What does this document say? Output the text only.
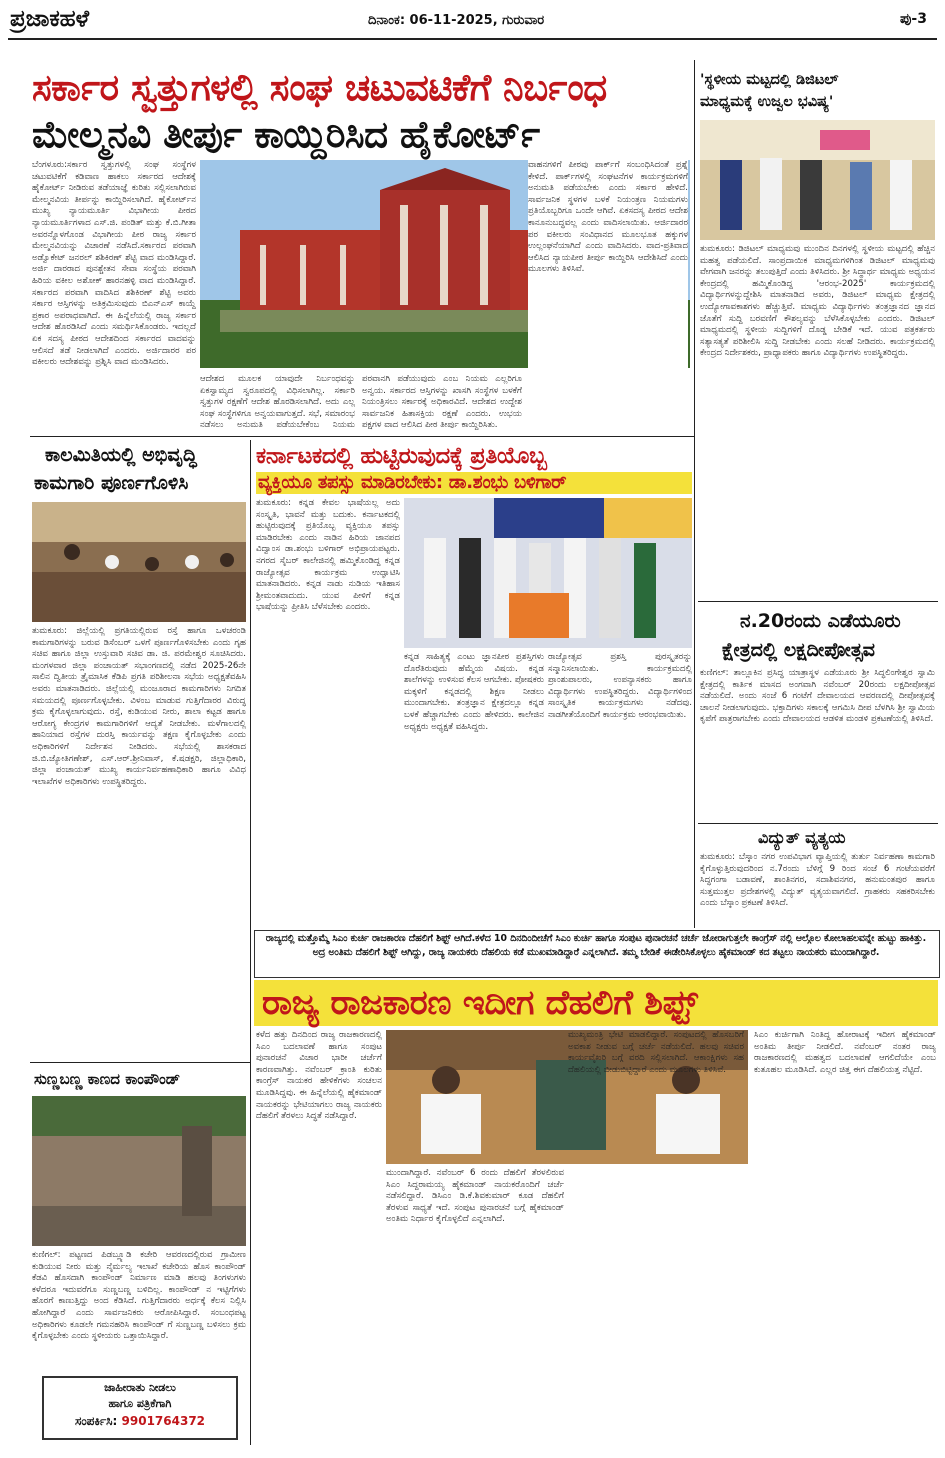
ಪ್ರಜಾಕಹಳೆ	ದಿನಾಂಕ: 06-11-2025, ಗುರುವಾರ	ಪು-3
ಸರ್ಕಾರ ಸ್ವತ್ತುಗಳಲ್ಲಿ ಸಂಘ ಚಟುವಟಿಕೆಗೆ ನಿರ್ಬಂಧ
ಮೇಲ್ಮನವಿ ತೀರ್ಪು ಕಾಯ್ದಿರಿಸಿದ ಹೈಕೋರ್ಟ್
ಬೆಂಗಳೂರು:ಸರ್ಕಾರ ಸ್ವತ್ತುಗಳಲ್ಲಿ ಸಂಘ ಸಂಸ್ಥೆಗಳ ಚಟುವಟಿಕೆಗೆ ಕಡಿವಾಣ ಹಾಕಲು ಸರ್ಕಾರದ ಆದೇಶಕ್ಕೆ ಹೈಕೋರ್ಟ್ ನೀಡಿರುವ ತಡೆಯಾಜ್ಞೆ ಕುರಿತು ಸಲ್ಲಿಸಲಾಗಿರುವ ಮೇಲ್ಮನವಿಯ ತೀರ್ಪನ್ನು ಕಾಯ್ದಿರಿಸಲಾಗಿದೆ. ಹೈಕೋರ್ಟ್‌ನ ಮುಖ್ಯ ನ್ಯಾಯಮೂರ್ತಿ ವಿಭಾಗೀಯ ಪೀಠದ ನ್ಯಾಯಮೂರ್ತಿಗಳಾದ ಎಸ್.ಜಿ. ಪಂಡಿತ್ ಮತ್ತು ಕೆ.ಬಿ.ಗೀತಾ ಅವರನ್ನೊಳಗೊಂಡ ವಿಭಾಗೀಯ ಪೀಠ ರಾಜ್ಯ ಸರ್ಕಾರ ಮೇಲ್ಮನವಿಯನ್ನು ವಿಚಾರಣೆ ನಡೆಸಿದೆ.ಸರ್ಕಾರದ ಪರವಾಗಿ ಅಡ್ವೊಕೇಟ್ ಜನರಲ್ ಶಶಿಕಿರಣ್ ಶೆಟ್ಟಿ ವಾದ ಮಂಡಿಸಿದ್ದಾರೆ. ಅರ್ಜಿ ದಾರರಾದ ಪುನಶ್ಚೇತನ ಸೇವಾ ಸಂಸ್ಥೆಯ ಪರವಾಗಿ ಹಿರಿಯ ವಕೀಲ ಅಶೋಕ್ ಹಾರನಹಳ್ಳಿ ವಾದ ಮಂಡಿಸಿದ್ದಾರೆ. ಸರ್ಕಾರದ ಪರವಾಗಿ ವಾದಿಸಿದ ಶಶಿಕಿರಣ್ ಶೆಟ್ಟಿ ಅವರು ಸರ್ಕಾರ ಆಸ್ತಿಗಳನ್ನು ಅತಿಕ್ರಮಿಸುವುದು ಬಿಎನ್‌ಎಸ್ ಕಾಯ್ದೆ ಪ್ರಕಾರ ಅಪರಾಧವಾಗಿದೆ. ಈ ಹಿನ್ನೆಲೆಯಲ್ಲಿ ರಾಜ್ಯ ಸರ್ಕಾರ ಆದೇಶ ಹೊರಡಿಸಿದೆ ಎಂದು ಸಮರ್ಥಿಸಿಕೊಂಡರು. ಇದಲ್ಲದೆ ಏಕ ಸದಸ್ಯ ಪೀಠದ ಆದೇಶದಿಂದ ಸರ್ಕಾರದ ವಾದವನ್ನು ಆಲಿಸದೆ ತಡೆ ನೀಡಲಾಗಿದೆ ಎಂದರು. ಅರ್ಜಿದಾರರ ಪರ ವಕೀಲರು ಆದೇಶವನ್ನು ಪ್ರಶ್ನಿಸಿ ವಾದ ಮಂಡಿಸಿದರು.
ಆದೇಶದ ಮೂಲಕ ಯಾವುದೇ ನಿರ್ಬಂಧವನ್ನು ಏಕಸ್ವಾಮ್ಯದ ಸ್ವರೂಪದಲ್ಲಿ ವಿಧಿಸಲಾಗಿಲ್ಲ. ಸರ್ಕಾರಿ ಸ್ವತ್ತುಗಳ ರಕ್ಷಣೆಗೆ ಆದೇಶ ಹೊರಡಿಸಲಾಗಿದೆ. ಅದು ಎಲ್ಲ ಸಂಘ ಸಂಸ್ಥೆಗಳಿಗೂ ಅನ್ವಯವಾಗುತ್ತದೆ. ಸಭೆ, ಸಮಾರಂಭ ನಡೆಸಲು ಅನುಮತಿ ಪಡೆಯಬೇಕೆಂಬ ನಿಯಮ
ಪರವಾನಗಿ ಪಡೆಯುವುದು ಎಂಬ ನಿಯಮ ಎಲ್ಲರಿಗೂ ಅನ್ವಯ. ಸರ್ಕಾರದ ಆಸ್ತಿಗಳನ್ನು ಖಾಸಗಿ ಸಂಸ್ಥೆಗಳ ಬಳಕೆಗೆ ನಿಯಂತ್ರಿಸಲು ಸರ್ಕಾರಕ್ಕೆ ಅಧಿಕಾರವಿದೆ. ಆದೇಶದ ಉದ್ದೇಶ ಸಾರ್ವಜನಿಕ ಹಿತಾಸಕ್ತಿಯ ರಕ್ಷಣೆ ಎಂದರು. ಉಭಯ ಪಕ್ಷಗಳ ವಾದ ಆಲಿಸಿದ ಪೀಠ ತೀರ್ಪು ಕಾಯ್ದಿರಿಸಿತು.
ವಾಹನಗಳಿಗೆ ಪೀಠವು ಪಾರ್ಕ್‌ಗೆ ಸಂಬಂಧಿಸಿದಂತೆ ಪ್ರಶ್ನೆ ಕೇಳಿದೆ. ಪಾರ್ಕ್‌ಗಳಲ್ಲಿ ಸಂಘಟನೆಗಳ ಕಾರ್ಯಕ್ರಮಗಳಿಗೆ ಅನುಮತಿ ಪಡೆಯಬೇಕು ಎಂದು ಸರ್ಕಾರ ಹೇಳಿದೆ. ಸಾರ್ವಜನಿಕ ಸ್ಥಳಗಳ ಬಳಕೆ ನಿಯಂತ್ರಣ ನಿಯಮಗಳು ಪ್ರತಿಯೊಬ್ಬರಿಗೂ ಒಂದೇ ಆಗಿವೆ. ಏಕಸದಸ್ಯ ಪೀಠದ ಆದೇಶ ಕಾನೂನುಬದ್ಧವಲ್ಲ ಎಂದು ವಾದಿಸಲಾಯಿತು. ಆರ್ಜಿದಾರರ ಪರ ವಕೀಲರು ಸಂವಿಧಾನದ ಮೂಲಭೂತ ಹಕ್ಕುಗಳ ಉಲ್ಲಂಘನೆಯಾಗಿದೆ ಎಂದು ವಾದಿಸಿದರು. ವಾದ-ಪ್ರತಿವಾದ ಆಲಿಸಿದ ನ್ಯಾಯಪೀಠ ತೀರ್ಪು ಕಾಯ್ದಿರಿಸಿ ಆದೇಶಿಸಿದೆ ಎಂದು ಮೂಲಗಳು ತಿಳಿಸಿವೆ.
'ಸ್ಥಳೀಯ ಮಟ್ಟದಲ್ಲಿ ಡಿಜಿಟಲ್
ಮಾಧ್ಯಮಕ್ಕೆ ಉಜ್ವಲ ಭವಿಷ್ಯ'
ತುಮಕೂರು: ಡಿಜಿಟಲ್ ಮಾಧ್ಯಮವು ಮುಂದಿನ ದಿನಗಳಲ್ಲಿ ಸ್ಥಳೀಯ ಮಟ್ಟದಲ್ಲಿ ಹೆಚ್ಚಿನ ಮಹತ್ವ ಪಡೆಯಲಿದೆ. ಸಾಂಪ್ರದಾಯಿಕ ಮಾಧ್ಯಮಗಳಿಗಿಂತ ಡಿಜಿಟಲ್ ಮಾಧ್ಯಮವು ವೇಗವಾಗಿ ಜನರನ್ನು ತಲುಪುತ್ತಿದೆ ಎಂದು ತಿಳಿಸಿದರು. ಶ್ರೀ ಸಿದ್ಧಾರ್ಥ ಮಾಧ್ಯಮ ಅಧ್ಯಯನ ಕೇಂದ್ರದಲ್ಲಿ ಹಮ್ಮಿಕೊಂಡಿದ್ದ 'ಆರಂಭ-2025' ಕಾರ್ಯಕ್ರಮದಲ್ಲಿ ವಿದ್ಯಾರ್ಥಿಗಳನ್ನುದ್ದೇಶಿಸಿ ಮಾತನಾಡಿದ ಅವರು, ಡಿಜಿಟಲ್ ಮಾಧ್ಯಮ ಕ್ಷೇತ್ರದಲ್ಲಿ ಉದ್ಯೋಗಾವಕಾಶಗಳು ಹೆಚ್ಚುತ್ತಿವೆ. ಮಾಧ್ಯಮ ವಿದ್ಯಾರ್ಥಿಗಳು ತಂತ್ರಜ್ಞಾನದ ಜ್ಞಾನದ ಜೊತೆಗೆ ಸುದ್ದಿ ಬರವಣಿಗೆ ಕೌಶಲ್ಯವನ್ನು ಬೆಳೆಸಿಕೊಳ್ಳಬೇಕು ಎಂದರು. ಡಿಜಿಟಲ್ ಮಾಧ್ಯಮದಲ್ಲಿ ಸ್ಥಳೀಯ ಸುದ್ದಿಗಳಿಗೆ ದೊಡ್ಡ ಬೇಡಿಕೆ ಇದೆ. ಯುವ ಪತ್ರಕರ್ತರು ಸತ್ಯಾಸತ್ಯತೆ ಪರಿಶೀಲಿಸಿ ಸುದ್ದಿ ನೀಡಬೇಕು ಎಂದು ಸಲಹೆ ನೀಡಿದರು. ಕಾರ್ಯಕ್ರಮದಲ್ಲಿ ಕೇಂದ್ರದ ನಿರ್ದೇಶಕರು, ಪ್ರಾಧ್ಯಾಪಕರು ಹಾಗೂ ವಿದ್ಯಾರ್ಥಿಗಳು ಉಪಸ್ಥಿತರಿದ್ದರು.
ನ.20ರಂದು ಎಡೆಯೂರು
ಕ್ಷೇತ್ರದಲ್ಲಿ ಲಕ್ಷದೀಪೋತ್ಸವ
ಕುಣಿಗಲ್: ತಾಲ್ಲೂಕಿನ ಪ್ರಸಿದ್ಧ ಯಾತ್ರಾಸ್ಥಳ ಎಡೆಯೂರು ಶ್ರೀ ಸಿದ್ಧಲಿಂಗೇಶ್ವರ ಸ್ವಾಮಿ ಕ್ಷೇತ್ರದಲ್ಲಿ ಕಾರ್ತಿಕ ಮಾಸದ ಅಂಗವಾಗಿ ನವೆಂಬರ್ 20ರಂದು ಲಕ್ಷದೀಪೋತ್ಸವ ನಡೆಯಲಿದೆ. ಅಂದು ಸಂಜೆ 6 ಗಂಟೆಗೆ ದೇವಾಲಯದ ಆವರಣದಲ್ಲಿ ದೀಪೋತ್ಸವಕ್ಕೆ ಚಾಲನೆ ನೀಡಲಾಗುವುದು. ಭಕ್ತಾದಿಗಳು ಸಕಾಲಕ್ಕೆ ಆಗಮಿಸಿ ದೀಪ ಬೆಳಗಿಸಿ ಶ್ರೀ ಸ್ವಾಮಿಯ ಕೃಪೆಗೆ ಪಾತ್ರರಾಗಬೇಕು ಎಂದು ದೇವಾಲಯದ ಆಡಳಿತ ಮಂಡಳಿ ಪ್ರಕಟಣೆಯಲ್ಲಿ ತಿಳಿಸಿದೆ.
ವಿದ್ಯುತ್ ವ್ಯತ್ಯಯ
ತುಮಕೂರು: ಬೆಸ್ಕಾಂ ನಗರ ಉಪವಿಭಾಗ ವ್ಯಾಪ್ತಿಯಲ್ಲಿ ತುರ್ತು ನಿರ್ವಹಣಾ ಕಾಮಗಾರಿ ಕೈಗೊಳ್ಳುತ್ತಿರುವುದರಿಂದ ನ.7ರಂದು ಬೆಳಿಗ್ಗೆ 9 ರಿಂದ ಸಂಜೆ 6 ಗಂಟೆಯವರೆಗೆ ಸಿದ್ಧಗಂಗಾ ಬಡಾವಣೆ, ಶಾಂತಿನಗರ, ಸದಾಶಿವನಗರ, ಹನುಮಂತಪುರ ಹಾಗೂ ಸುತ್ತಮುತ್ತಲ ಪ್ರದೇಶಗಳಲ್ಲಿ ವಿದ್ಯುತ್ ವ್ಯತ್ಯಯವಾಗಲಿದೆ. ಗ್ರಾಹಕರು ಸಹಕರಿಸಬೇಕು ಎಂದು ಬೆಸ್ಕಾಂ ಪ್ರಕಟಣೆ ತಿಳಿಸಿದೆ.
ಕಾಲಮಿತಿಯಲ್ಲಿ ಅಭಿವೃದ್ಧಿ
ಕಾಮಗಾರಿ ಪೂರ್ಣಗೊಳಿಸಿ
ತುಮಕೂರು: ಜಿಲ್ಲೆಯಲ್ಲಿ ಪ್ರಗತಿಯಲ್ಲಿರುವ ರಸ್ತೆ ಹಾಗೂ ಒಳಚರಂಡಿ ಕಾಮಗಾರಿಗಳನ್ನು ಬರುವ ಡಿಸೆಂಬರ್ ಒಳಗೆ ಪೂರ್ಣಗೊಳಿಸಬೇಕು ಎಂದು ಗೃಹ ಸಚಿವ ಹಾಗೂ ಜಿಲ್ಲಾ ಉಸ್ತುವಾರಿ ಸಚಿವ ಡಾ. ಜಿ. ಪರಮೇಶ್ವರ ಸೂಚಿಸಿದರು. ಮಂಗಳವಾರ ಜಿಲ್ಲಾ ಪಂಚಾಯತ್ ಸಭಾಂಗಣದಲ್ಲಿ ನಡೆದ 2025-26ನೇ ಸಾಲಿನ ದ್ವಿತೀಯ ತ್ರೈಮಾಸಿಕ ಕೆಡಿಪಿ ಪ್ರಗತಿ ಪರಿಶೀಲನಾ ಸಭೆಯ ಅಧ್ಯಕ್ಷತೆವಹಿಸಿ ಅವರು ಮಾತನಾಡಿದರು. ಜಿಲ್ಲೆಯಲ್ಲಿ ಮಂಜೂರಾದ ಕಾಮಗಾರಿಗಳು ನಿಗದಿತ ಸಮಯದಲ್ಲಿ ಪೂರ್ಣಗೊಳ್ಳಬೇಕು. ವಿಳಂಬ ಮಾಡುವ ಗುತ್ತಿಗೆದಾರರ ವಿರುದ್ಧ ಕ್ರಮ ಕೈಗೊಳ್ಳಲಾಗುವುದು. ರಸ್ತೆ, ಕುಡಿಯುವ ನೀರು, ಶಾಲಾ ಕಟ್ಟಡ ಹಾಗೂ ಆರೋಗ್ಯ ಕೇಂದ್ರಗಳ ಕಾಮಗಾರಿಗಳಿಗೆ ಆದ್ಯತೆ ನೀಡಬೇಕು. ಮಳೆಗಾಲದಲ್ಲಿ ಹಾನಿಯಾದ ರಸ್ತೆಗಳ ದುರಸ್ತಿ ಕಾರ್ಯವನ್ನು ತಕ್ಷಣ ಕೈಗೊಳ್ಳಬೇಕು ಎಂದು ಅಧಿಕಾರಿಗಳಿಗೆ ನಿರ್ದೇಶನ ನೀಡಿದರು. ಸಭೆಯಲ್ಲಿ ಶಾಸಕರಾದ ಜಿ.ಬಿ.ಜ್ಯೋತಿಗಣೇಶ್, ಎಸ್.ಆರ್.ಶ್ರೀನಿವಾಸ್, ಕೆ.ಷಡಕ್ಷರಿ, ಜಿಲ್ಲಾಧಿಕಾರಿ, ಜಿಲ್ಲಾ ಪಂಚಾಯತ್ ಮುಖ್ಯ ಕಾರ್ಯನಿರ್ವಹಣಾಧಿಕಾರಿ ಹಾಗೂ ವಿವಿಧ ಇಲಾಖೆಗಳ ಅಧಿಕಾರಿಗಳು ಉಪಸ್ಥಿತರಿದ್ದರು.
ಕರ್ನಾಟಕದಲ್ಲಿ ಹುಟ್ಟಿರುವುದಕ್ಕೆ ಪ್ರತಿಯೊಬ್ಬ
ವ್ಯಕ್ತಿಯೂ ತಪಸ್ಸು ಮಾಡಿರಬೇಕು: ಡಾ.ಶಂಭು ಬಳಿಗಾರ್
ತುಮಕೂರು: ಕನ್ನಡ ಕೇವಲ ಭಾಷೆಯಲ್ಲ ಅದು ಸಂಸ್ಕೃತಿ, ಭಾವನೆ ಮತ್ತು ಬದುಕು. ಕರ್ನಾಟಕದಲ್ಲಿ ಹುಟ್ಟಿರುವುದಕ್ಕೆ ಪ್ರತಿಯೊಬ್ಬ ವ್ಯಕ್ತಿಯೂ ತಪಸ್ಸು ಮಾಡಿರಬೇಕು ಎಂದು ನಾಡಿನ ಹಿರಿಯ ಜಾನಪದ ವಿದ್ವಾಂಸ ಡಾ.ಶಂಭು ಬಳಿಗಾರ್ ಅಭಿಪ್ರಾಯಪಟ್ಟರು. ನಗರದ ಸೈಬರ್ ಕಾಲೇಜಿನಲ್ಲಿ ಹಮ್ಮಿಕೊಂಡಿದ್ದ ಕನ್ನಡ ರಾಜ್ಯೋತ್ಸವ ಕಾರ್ಯಕ್ರಮ ಉದ್ಘಾಟಿಸಿ ಮಾತನಾಡಿದರು. ಕನ್ನಡ ನಾಡು ನುಡಿಯ ಇತಿಹಾಸ ಶ್ರೀಮಂತವಾದುದು. ಯುವ ಪೀಳಿಗೆ ಕನ್ನಡ ಭಾಷೆಯನ್ನು ಪ್ರೀತಿಸಿ ಬೆಳೆಸಬೇಕು ಎಂದರು.
ಕನ್ನಡ ಸಾಹಿತ್ಯಕ್ಕೆ ಎಂಟು ಜ್ಞಾನಪೀಠ ಪ್ರಶಸ್ತಿಗಳು ದೊರೆತಿರುವುದು ಹೆಮ್ಮೆಯ ವಿಷಯ. ಕನ್ನಡ ಶಾಲೆಗಳನ್ನು ಉಳಿಸುವ ಕೆಲಸ ಆಗಬೇಕು. ಪೋಷಕರು ಮಕ್ಕಳಿಗೆ ಕನ್ನಡದಲ್ಲಿ ಶಿಕ್ಷಣ ನೀಡಲು ಮುಂದಾಗಬೇಕು. ತಂತ್ರಜ್ಞಾನ ಕ್ಷೇತ್ರದಲ್ಲೂ ಕನ್ನಡ ಬಳಕೆ ಹೆಚ್ಚಾಗಬೇಕು ಎಂದು ಹೇಳಿದರು. ಕಾಲೇಜಿನ ಅಧ್ಯಕ್ಷರು ಅಧ್ಯಕ್ಷತೆ ವಹಿಸಿದ್ದರು.
ರಾಜ್ಯೋತ್ಸವ ಪ್ರಶಸ್ತಿ ಪುರಸ್ಕೃತರನ್ನು ಸನ್ಮಾನಿಸಲಾಯಿತು. ಕಾರ್ಯಕ್ರಮದಲ್ಲಿ ಪ್ರಾಂಶುಪಾಲರು, ಉಪನ್ಯಾಸಕರು ಹಾಗೂ ವಿದ್ಯಾರ್ಥಿಗಳು ಉಪಸ್ಥಿತರಿದ್ದರು. ವಿದ್ಯಾರ್ಥಿಗಳಿಂದ ಸಾಂಸ್ಕೃತಿಕ ಕಾರ್ಯಕ್ರಮಗಳು ನಡೆದವು. ನಾಡಗೀತೆಯೊಂದಿಗೆ ಕಾರ್ಯಕ್ರಮ ಆರಂಭವಾಯಿತು.
ಸುಣ್ಣಬಣ್ಣ ಕಾಣದ ಕಾಂಪೌಂಡ್
ಕುಣಿಗಲ್: ಪಟ್ಟಣದ ಪಿಡಬ್ಲ್ಯೂಡಿ ಕಚೇರಿ ಆವರಣದಲ್ಲಿರುವ ಗ್ರಾಮೀಣ ಕುಡಿಯುವ ನೀರು ಮತ್ತು ನೈರ್ಮಲ್ಯ ಇಲಾಖೆ ಕಚೇರಿಯ ಹೊಸ ಕಾಂಪೌಂಡ್ ಕೆಡವಿ ಹೊಸದಾಗಿ ಕಾಂಪೌಂಡ್ ನಿರ್ಮಾಣ ಮಾಡಿ ಹಲವು ತಿಂಗಳುಗಳು ಕಳೆದರೂ ಇದುವರೆಗೂ ಸುಣ್ಣಬಣ್ಣ ಬಳಿದಿಲ್ಲ. ಕಾಂಪೌಂಡ್ ನ ಇಟ್ಟಿಗೆಗಳು ಹೊರಗೆ ಕಾಣುತ್ತಿದ್ದು ಅಂದ ಕೆಡಿಸಿದೆ. ಗುತ್ತಿಗೆದಾರರು ಅರ್ಧಕ್ಕೆ ಕೆಲಸ ನಿಲ್ಲಿಸಿ ಹೋಗಿದ್ದಾರೆ ಎಂದು ಸಾರ್ವಜನಿಕರು ಆರೋಪಿಸಿದ್ದಾರೆ. ಸಂಬಂಧಪಟ್ಟ ಅಧಿಕಾರಿಗಳು ಕೂಡಲೇ ಗಮನಹರಿಸಿ ಕಾಂಪೌಂಡ್ ಗೆ ಸುಣ್ಣಬಣ್ಣ ಬಳಿಸಲು ಕ್ರಮ ಕೈಗೊಳ್ಳಬೇಕು ಎಂದು ಸ್ಥಳೀಯರು ಒತ್ತಾಯಿಸಿದ್ದಾರೆ.
ಜಾಹೀರಾತು ನೀಡಲು
ಹಾಗೂ ಪತ್ರಿಕೆಗಾಗಿ
ಸಂಪರ್ಕಿಸಿ: 9901764372
ರಾಜ್ಯದಲ್ಲಿ ಮತ್ತೊಮ್ಮೆ ಸಿಎಂ ಕುರ್ಚಿ ರಾಜಕಾರಣ ದೆಹಲಿಗೆ ಶಿಫ್ಟ್ ಆಗಿದೆ.ಕಳೆದ 10 ದಿನದಿಂದೀಚೆಗೆ ಸಿಎಂ ಕುರ್ಚಿ ಹಾಗೂ ಸಂಪುಟ ಪುನಾರಚನೆ ಚರ್ಚೆ ಜೋರಾಗುತ್ತಲೇ ಕಾಂಗ್ರೆಸ್ ನಲ್ಲಿ ಆಲ್ಗೊಲ ಕೋಲಾಹಲವನ್ನೇ ಹುಟ್ಟು ಹಾಕಿತ್ತು. ಅದ್ರ ಅಂತಿಮ ದೆಹಲಿಗೆ ಶಿಫ್ಟ್ ಆಗಿದ್ದು, ರಾಜ್ಯ ನಾಯಕರು ದೆಹಲಿಯ ಕಡೆ ಮುಖಮಾಡಿದ್ದಾರೆ ಎನ್ನಲಾಗಿದೆ. ತಮ್ಮ ಬೇಡಿಕೆ ಈಡೇರಿಸಿಕೊಳ್ಳಲು ಹೈಕಮಾಂಡ್ ಕದ ತಟ್ಟಲು ನಾಯಕರು ಮುಂದಾಗಿದ್ದಾರೆ.
ರಾಜ್ಯ ರಾಜಕಾರಣ ಇದೀಗ ದೆಹಲಿಗೆ ಶಿಫ್ಟ್
ಕಳೆದ ಹತ್ತು ದಿನದಿಂದ ರಾಜ್ಯ ರಾಜಕಾರಣದಲ್ಲಿ ಸಿಎಂ ಬದಲಾವಣೆ ಹಾಗೂ ಸಂಪುಟ ಪುನಾರಚನೆ ವಿಚಾರ ಭಾರೀ ಚರ್ಚೆಗೆ ಕಾರಣವಾಗಿತ್ತು. ನವೆಂಬರ್ ಕ್ರಾಂತಿ ಕುರಿತು ಕಾಂಗ್ರೆಸ್ ನಾಯಕರ ಹೇಳಿಕೆಗಳು ಸಂಚಲನ ಮೂಡಿಸಿದ್ದವು. ಈ ಹಿನ್ನೆಲೆಯಲ್ಲಿ ಹೈಕಮಾಂಡ್ ನಾಯಕರನ್ನು ಭೇಟಿಯಾಗಲು ರಾಜ್ಯ ನಾಯಕರು ದೆಹಲಿಗೆ ತೆರಳಲು ಸಿದ್ಧತೆ ನಡೆಸಿದ್ದಾರೆ.
ಮುಂದಾಗಿದ್ದಾರೆ. ನವೆಂಬರ್ 6 ರಂದು ದೆಹಲಿಗೆ ತೆರಳಲಿರುವ ಸಿಎಂ ಸಿದ್ದರಾಮಯ್ಯ ಹೈಕಮಾಂಡ್ ನಾಯಕರೊಂದಿಗೆ ಚರ್ಚೆ ನಡೆಸಲಿದ್ದಾರೆ. ಡಿಸಿಎಂ ಡಿ.ಕೆ.ಶಿವಕುಮಾರ್ ಕೂಡ ದೆಹಲಿಗೆ ತೆರಳುವ ಸಾಧ್ಯತೆ ಇದೆ. ಸಂಪುಟ ಪುನಾರಚನೆ ಬಗ್ಗೆ ಹೈಕಮಾಂಡ್ ಅಂತಿಮ ನಿರ್ಧಾರ ಕೈಗೊಳ್ಳಲಿದೆ ಎನ್ನಲಾಗಿದೆ.
ಮುಖ್ಯಮಂತ್ರಿ ಭೇಟಿ ಮಾಡಲಿದ್ದಾರೆ. ಸಂಪುಟದಲ್ಲಿ ಹೊಸಬರಿಗೆ ಅವಕಾಶ ನೀಡುವ ಬಗ್ಗೆ ಚರ್ಚೆ ನಡೆಯಲಿದೆ. ಹಲವು ಸಚಿವರ ಕಾರ್ಯವೈಖರಿ ಬಗ್ಗೆ ವರದಿ ಸಲ್ಲಿಸಲಾಗಿದೆ. ಆಕಾಂಕ್ಷಿಗಳು ಸಹ ದೆಹಲಿಯಲ್ಲಿ ಬೀಡುಬಿಟ್ಟಿದ್ದಾರೆ ಎಂದು ಮೂಲಗಳು ತಿಳಿಸಿವೆ.
ಸಿಎಂ ಕುರ್ಚಿಗಾಗಿ ನಿಂತಿದ್ದ ಹೋರಾಟಕ್ಕೆ ಇದೀಗ ಹೈಕಮಾಂಡ್ ಅಂತಿಮ ತೀರ್ಪು ನೀಡಲಿದೆ. ನವೆಂಬರ್ ನಂತರ ರಾಜ್ಯ ರಾಜಕಾರಣದಲ್ಲಿ ಮಹತ್ವದ ಬದಲಾವಣೆ ಆಗಲಿದೆಯೇ ಎಂಬ ಕುತೂಹಲ ಮೂಡಿಸಿದೆ. ಎಲ್ಲರ ಚಿತ್ತ ಈಗ ದೆಹಲಿಯತ್ತ ನೆಟ್ಟಿದೆ.
